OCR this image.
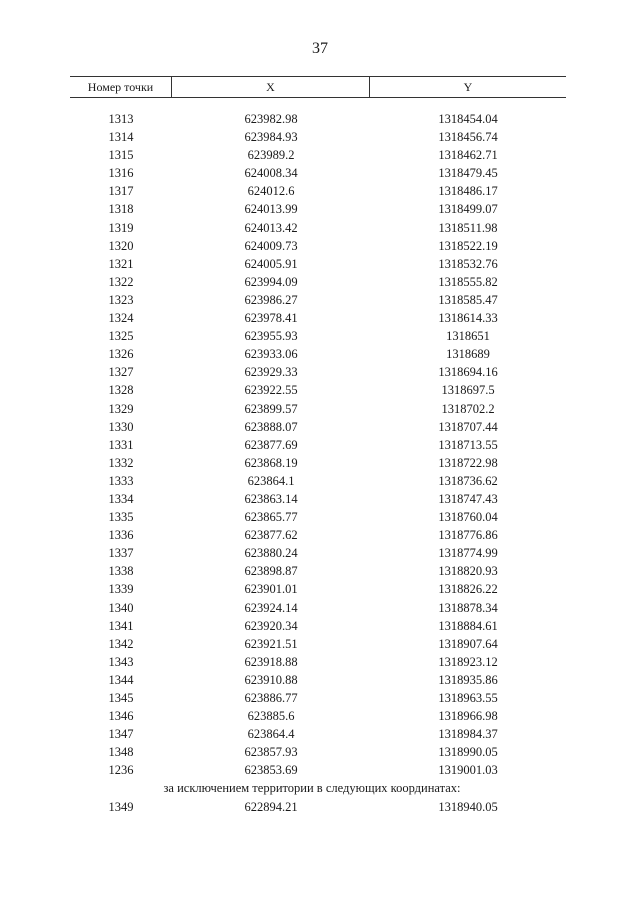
37
Номер точки	X	Y
1313	623982.98	1318454.04
1314	623984.93	1318456.74
1315	623989.2	1318462.71
1316	624008.34	1318479.45
1317	624012.6	1318486.17
1318	624013.99	1318499.07
1319	624013.42	1318511.98
1320	624009.73	1318522.19
1321	624005.91	1318532.76
1322	623994.09	1318555.82
1323	623986.27	1318585.47
1324	623978.41	1318614.33
1325	623955.93	1318651
1326	623933.06	1318689
1327	623929.33	1318694.16
1328	623922.55	1318697.5
1329	623899.57	1318702.2
1330	623888.07	1318707.44
1331	623877.69	1318713.55
1332	623868.19	1318722.98
1333	623864.1	1318736.62
1334	623863.14	1318747.43
1335	623865.77	1318760.04
1336	623877.62	1318776.86
1337	623880.24	1318774.99
1338	623898.87	1318820.93
1339	623901.01	1318826.22
1340	623924.14	1318878.34
1341	623920.34	1318884.61
1342	623921.51	1318907.64
1343	623918.88	1318923.12
1344	623910.88	1318935.86
1345	623886.77	1318963.55
1346	623885.6	1318966.98
1347	623864.4	1318984.37
1348	623857.93	1318990.05
1236	623853.69	1319001.03
за исключением территории в следующих координатах:
1349	622894.21	1318940.05
